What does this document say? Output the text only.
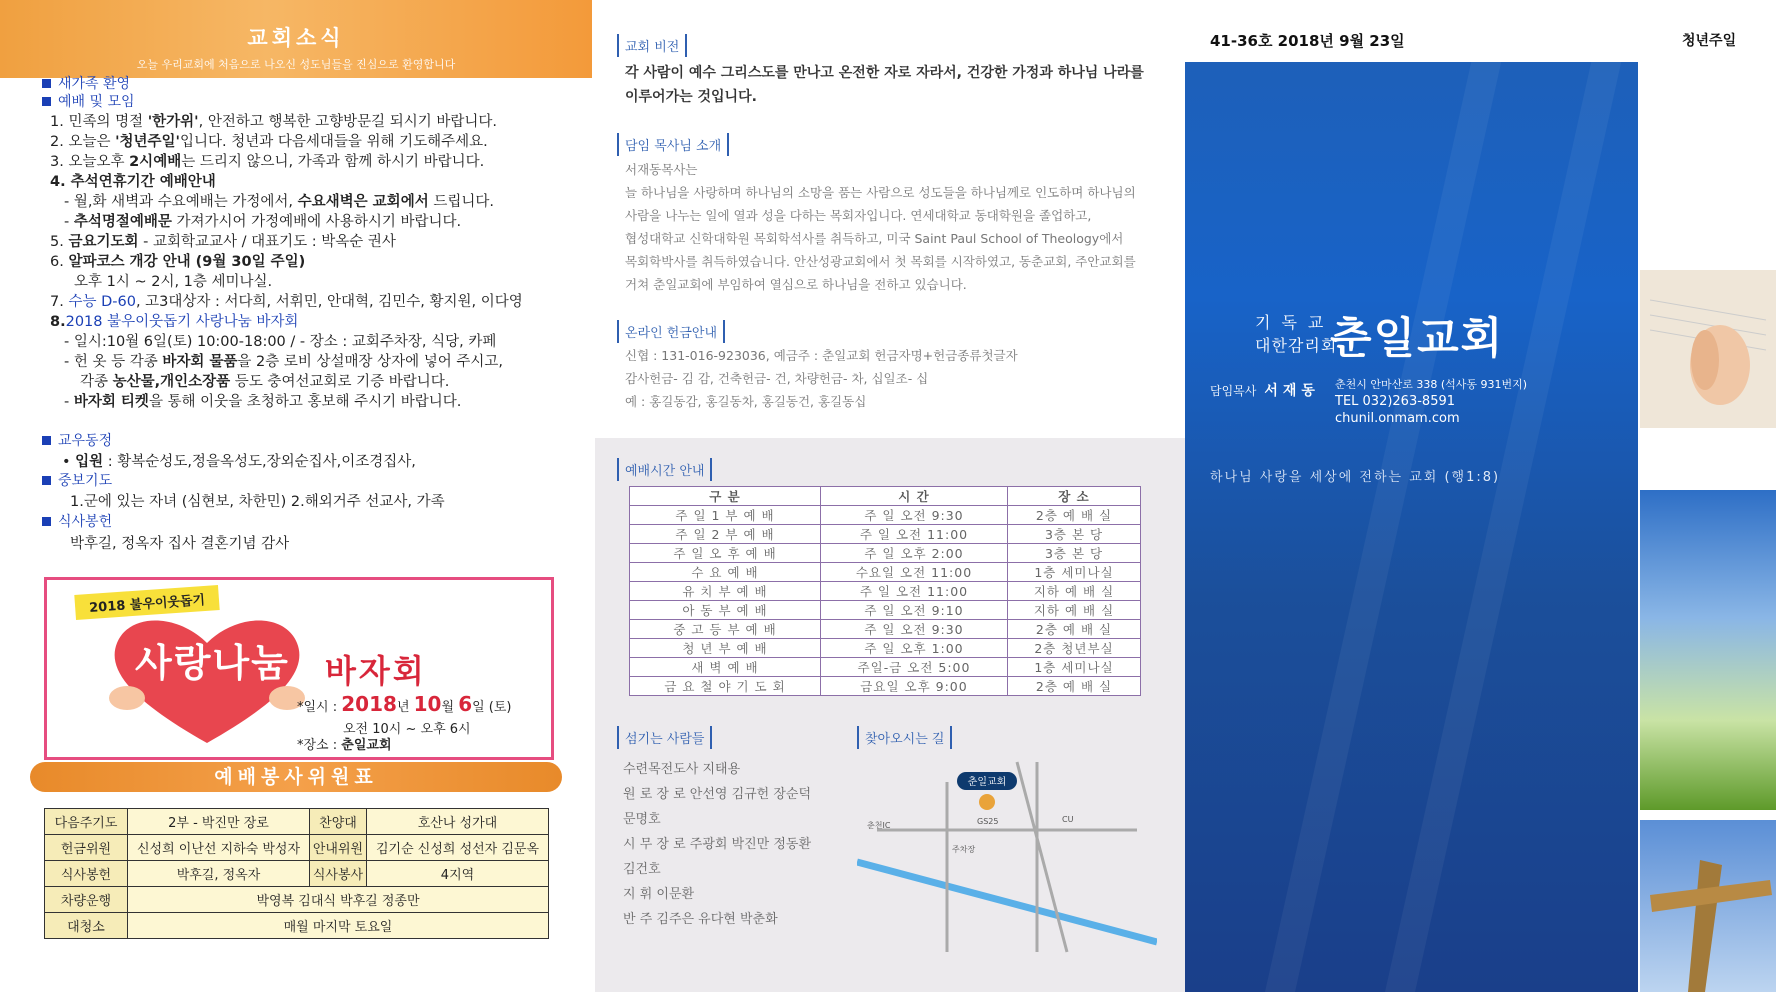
교회소식
오늘 우리교회에 처음으로 나오신 성도님들을 진심으로 환영합니다
새가족 환영
예배 및 모임
1. 민족의 명절 '한가위', 안전하고 행복한 고향방문길 되시기 바랍니다.
2. 오늘은 '청년주일'입니다. 청년과 다음세대들을 위해 기도해주세요.
3. 오늘오후 2시예배는 드리지 않으니, 가족과 함께 하시기 바랍니다.
4. 추석연휴기간 예배안내
- 월,화 새벽과 수요예배는 가정에서, 수요새벽은 교회에서 드립니다.
- 추석명절예배문 가져가시어 가정예배에 사용하시기 바랍니다.
5. 금요기도회 - 교회학교교사 / 대표기도 : 박옥순 권사
6. 알파코스 개강 안내 (9월 30일 주일)
오후 1시 ~ 2시, 1층 세미나실.
7. 수능 D-60, 고3대상자 : 서다희, 서휘민, 안대혁, 김민수, 황지원, 이다영
8.2018 불우이웃돕기 사랑나눔 바자회
- 일시:10월 6일(토) 10:00-18:00 / - 장소 : 교회주차장, 식당, 카페
- 헌 옷 등 각종 바자회 물품을 2층 로비 상설매장 상자에 넣어 주시고,
각종 농산물,개인소장품 등도 충여선교회로 기증 바랍니다.
- 바자회 티켓을 통해 이웃을 초청하고 홍보해 주시기 바랍니다.
교우동정
• 입원 : 황복순성도,정을옥성도,장외순집사,이조경집사,
중보기도
1.군에 있는 자녀 (심현보, 차한민) 2.해외거주 선교사, 가족
식사봉헌
박후길, 정옥자 집사 결혼기념 감사
2018 불우이웃돕기
사랑나눔 바자회
*일시 : 2018년 10월 6일 (토)
오전 10시 ~ 오후 6시
*장소 : 춘일교회
예배봉사위원표
다음주기도	2부 - 박진만 장로	찬양대	호산나 성가대
헌금위원	신성희 이난선 지하숙 박성자	안내위원	김기순 신성희 성선자 김문옥
식사봉헌	박후길, 정옥자	식사봉사	4지역
차량운행	박영복 김대식 박후길 정종만		
대청소	매월 마지막 토요일		
교회 비전
각 사람이 예수 그리스도를 만나고 온전한 자로 자라서, 건강한 가정과 하나님 나라를
이루어가는 것입니다.
담임 목사님 소개
서재동목사는
늘 하나님을 사랑하며 하나님의 소망을 품는 사람으로 성도들을 하나님께로 인도하며 하나님의
사람을 나누는 일에 열과 성을 다하는 목회자입니다. 연세대학교 동대학원을 졸업하고,
협성대학교 신학대학원 목회학석사를 취득하고, 미국 Saint Paul School of Theology에서
목회학박사를 취득하였습니다. 안산성광교회에서 첫 목회를 시작하였고, 동춘교회, 주안교회를
거쳐 춘일교회에 부임하여 열심으로 하나님을 전하고 있습니다.
온라인 헌금안내
신협 : 131-016-923036, 예금주 : 춘일교회 헌금자명+헌금종류첫글자
감사헌금- 김 감, 건축헌금- 건, 차량헌금- 차, 십일조- 십
예 : 홍길동감, 홍길동차, 홍길동건, 홍길동십
예배시간 안내
구 분	시 간	장 소
주 일 1 부 예 배	주 일 오전 9:30	2층 예 배 실
주 일 2 부 예 배	주 일 오전 11:00	3층 본 당
주 일 오 후 예 배	주 일 오후 2:00	3층 본 당
수 요 예 배	수요일 오전 11:00	1층 세미나실
유 치 부 예 배	주 일 오전 11:00	지하 예 배 실
아 동 부 예 배	주 일 오전 9:10	지하 예 배 실
중 고 등 부 예 배	주 일 오전 9:30	2층 예 배 실
청 년 부 예 배	주 일 오후 1:00	2층 청년부실
새 벽 예 배	주일-금 오전 5:00	1층 세미나실
금 요 철 야 기 도 회	금요일 오후 9:00	2층 예 배 실
섬기는 사람들
수련목전도사 지태용
원 로 장 로 안선영 김규헌 장순덕
문명호
시 무 장 로 주광회 박진만 정동환
김건호
지 휘 이문환
반 주 김주은 유다현 박춘화
찾아오시는 길
춘일교회
춘천IC
주차장
CU
GS25
41-36호 2018년 9월 23일	청년주일
기독교
대한감리회
춘일교회
담임목사 서재동 춘천시 안마산로 338 (석사동 931번지)
TEL 032)263-8591
chunil.onmam.com
하나님 사랑을 세상에 전하는 교회 (행1:8)
